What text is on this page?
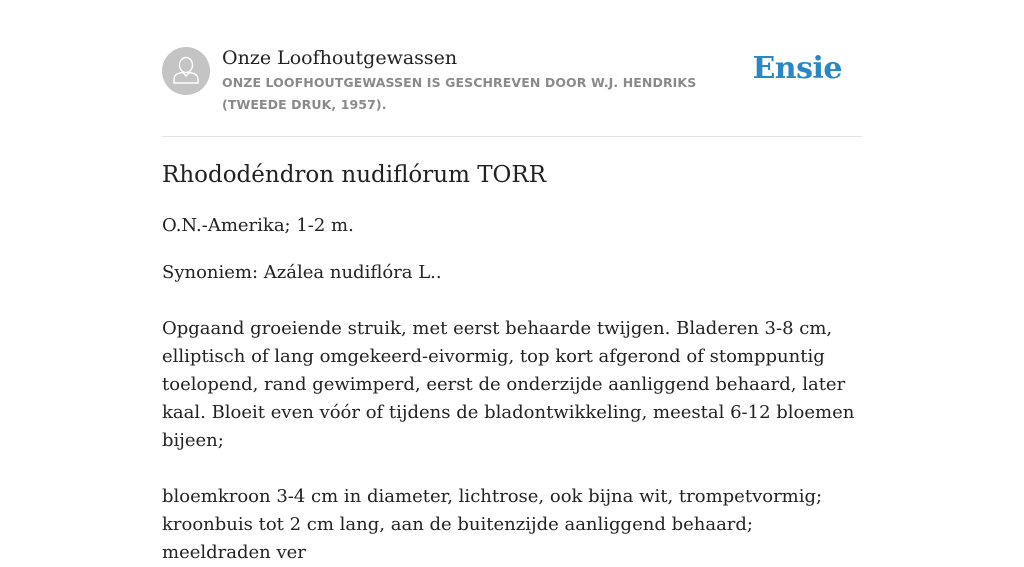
Onze Loofhoutgewassen
ONZE LOOFHOUTGEWASSEN IS GESCHREVEN DOOR W.J. HENDRIKS (TWEEDE DRUK, 1957).
Ensie
Rhododéndron nudiflórum TORR

O.N.-Amerika; 1-2 m.

Synoniem: Azálea nudiflóra L..

Opgaand groeiende struik, met eerst behaarde twijgen. Bladeren 3-8 cm, elliptisch of lang omgekeerd-eivormig, top kort afgerond of stomppuntig toelopend, rand gewimperd, eerst de onderzijde aanliggend behaard, later kaal. Bloeit even vóór of tijdens de bladontwikkeling, meestal 6-12 bloemen bijeen;

bloemkroon 3-4 cm in diameter, lichtrose, ook bijna wit, trompetvormig; kroonbuis tot 2 cm lang, aan de buitenzijde aanliggend behaard; meeldraden ver
